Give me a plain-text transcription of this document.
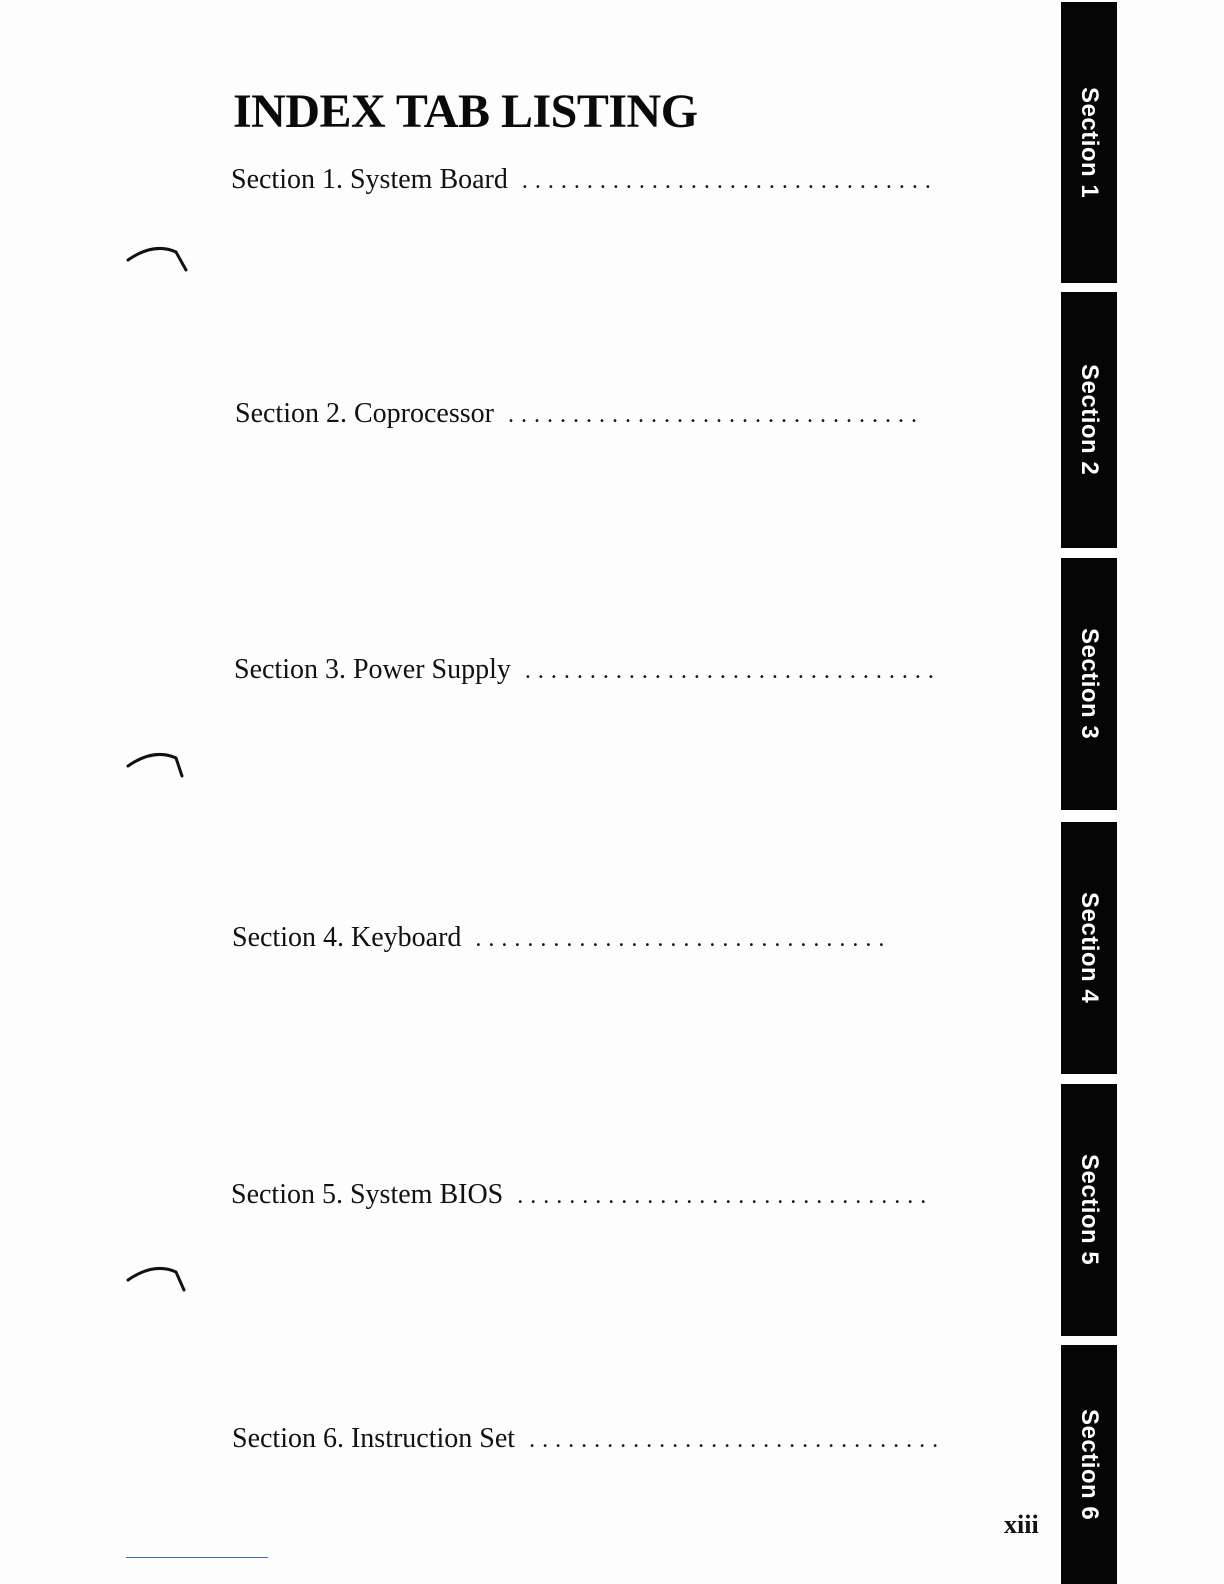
INDEX TAB LISTING
Section 1. System Board ................................
Section 2. Coprocessor ................................
Section 3. Power Supply ................................
Section 4. Keyboard ................................
Section 5. System BIOS ................................
Section 6. Instruction Set ................................
Section 1
Section 2
Section 3
Section 4
Section 5
Section 6
xiii
